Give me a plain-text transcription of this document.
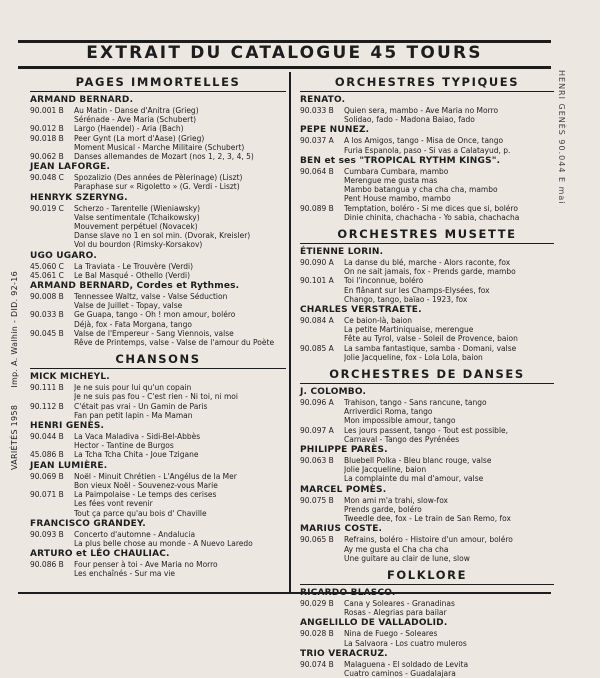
EXTRAIT DU CATALOGUE 45 TOURS
PAGES IMMORTELLES
ARMAND BERNARD.
90.001 B	Au Matin - Danse d'Anitra (Grieg)
Sérénade - Ave Maria (Schubert)
90.012 B	Largo (Haendel) - Aria (Bach)
90.018 B	Peer Gynt (La mort d'Aase) (Grieg)
Moment Musical - Marche Militaire (Schubert)
90.062 B	Danses allemandes de Mozart (nos 1, 2, 3, 4, 5)
JEAN LAFORGE.
90.048 C	Spozalizio (Des années de Pèlerinage) (Liszt)
Paraphase sur « Rigoletto » (G. Verdi - Liszt)
HENRYK SZERYNG.
90.019 C	Scherzo - Tarentelle (Wieniawsky)
Valse sentimentale (Tchaikowsky)
Mouvement perpétuel (Novacek)
Danse slave no 1 en sol min. (Dvorak, Kreisler)
Vol du bourdon (Rimsky-Korsakov)
UGO UGARO.
45.060 C	La Traviata - Le Trouvère (Verdi)
45.061 C	Le Bal Masqué - Othello (Verdi)
ARMAND BERNARD, Cordes et Rythmes.
90.008 B	Tennessee Waltz, valse - Valse Séduction
Valse de Juillet - Topay, valse
90.033 B	Ge Guapa, tango - Oh ! mon amour, boléro
Déjà, fox - Fata Morgana, tango
90.045 B	Valse de l'Empereur - Sang Viennois, valse
Rêve de Printemps, valse - Valse de l'amour du Poète
CHANSONS
MICK MICHEYL.
90.111 B	Je ne suis pour lui qu'un copain
Je ne suis pas fou - C'est rien - Ni toi, ni moi
90.112 B	C'était pas vrai - Un Gamin de Paris
Fan pan petit lapin - Ma Maman
HENRI GENÈS.
90.044 B	La Vaca Maladiva - Sidi-Bel-Abbès
Hector - Tantine de Burgos
45.086 B	La Tcha Tcha Chita - Joue Tzigane
JEAN LUMIÈRE.
90.069 B	Noël - Minuit Chrétien - L'Angélus de la Mer
Bon vieux Noël - Souvenez-vous Marie
90.071 B	La Paimpolaise - Le temps des cerises
Les fées vont revenir
Tout ça parce qu'au bois d' Chaville
FRANCISCO GRANDEY.
90.093 B	Concerto d'automne - Andalucia
La plus belle chose au monde - A Nuevo Laredo
ARTURO et LÉO CHAULIAC.
90.086 B	Four penser à toi - Ave Maria no Morro
Les enchaînés - Sur ma vie
ORCHESTRES TYPIQUES
RENATO.
90.033 B	Quien sera, mambo - Ave Maria no Morro
Solidao, fado - Madona Baiao, fado
PEPE NUNEZ.
90.037 A	A los Amigos, tango - Misa de Once, tango
Furia Espanola, paso - Si vas a Calatayud, p.
BEN et ses "TROPICAL RYTHM KINGS".
90.064 B	Cumbara Cumbara, mambo
Merengue me gusta mas
Mambo batangua y cha cha cha, mambo
Pent House mambo, mambo
90.089 B	Temptation, boléro - Si me dices que si, boléro
Dinie chinita, chachacha - Yo sabia, chachacha
ORCHESTRES MUSETTE
ÉTIENNE LORIN.
90.090 A	La danse du blé, marche - Alors raconte, fox
On ne sait jamais, fox - Prends garde, mambo
90.101 A	Toi l'inconnue, boléro
En flânant sur les Champs-Elysées, fox
Chango, tango, baïao - 1923, fox
CHARLES VERSTRAETE.
90.084 A	Ce baion-là, baion
La petite Martiniquaise, merengue
Fête au Tyrol, valse - Soleil de Provence, baion
90.085 A	La samba fantastique, samba - Domani, valse
Jolie Jacqueline, fox - Lola Lola, baion
ORCHESTRES DE DANSES
J. COLOMBO.
90.096 A	Trahison, tango - Sans rancune, tango
Arriverdici Roma, tango
Mon impossible amour, tango
90.097 A	Les jours passent, tango - Tout est possible,
Carnaval - Tango des Pyrénées
PHILIPPE PARÈS.
90.063 B	Bluebell Polka - Bleu blanc rouge, valse
Jolie Jacqueline, baion
La complainte du mal d'amour, valse
MARCEL POMÈS.
90.075 B	Mon ami m'a trahi, slow-fox
Prends garde, boléro
Tweedle dee, fox - Le train de San Remo, fox
MARIUS COSTE.
90.065 B	Refrains, boléro - Histoire d'un amour, boléro
Ay me gusta el Cha cha cha
Une guitare au clair de lune, slow
FOLKLORE
RICARDO BLASCO.
90.029 B	Cana y Soleares - Granadinas
Rosas - Alegrias para bailar
ANGELILLO DE VALLADOLID.
90.028 B	Nina de Fuego - Soleares
La Salvaora - Los cuatro muleros
TRIO VERACRUZ.
90.074 B	Malaguena - El soldado de Levita
Cuatro caminos - Guadalajara
VARIÉTÉS 1958      Imp. A. Walhin - DID. 92-16
HENRI GENÈS 90.044 E mai
